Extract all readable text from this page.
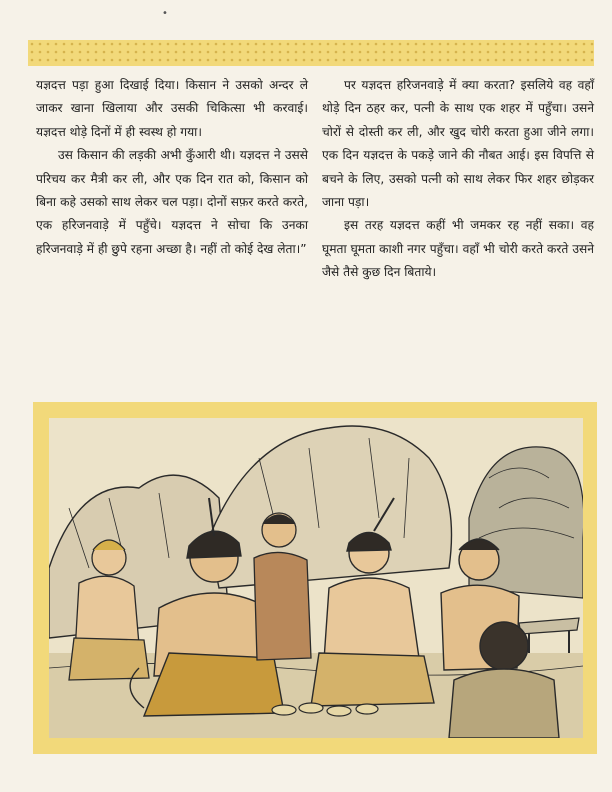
•

यज्ञदत्त पड़ा हुआ दिखाई दिया। किसान ने उसको अन्दर ले जाकर खाना खिलाया और उसकी चिकित्सा भी करवाई। यज्ञदत्त थोड़े दिनों में ही स्वस्थ हो गया।

उस किसान की लड़की अभी कुँआरी थी। यज्ञदत्त ने उससे परिचय कर मैत्री कर ली, और एक दिन रात को, किसान को बिना कहे उसको साथ लेकर चल पड़ा। दोनों सफ़र करते करते, एक हरिजनवाड़े में पहुँचे। यज्ञदत्त ने सोचा कि उनका हरिजनवाड़े में ही छुपे रहना अच्छा है। नहीं तो कोई देख लेता।”

पर यज्ञदत्त हरिजनवाड़े में क्या करता? इसलिये वह वहाँ थोड़े दिन ठहर कर, पत्नी के साथ एक शहर में पहुँचा। उसने चोरों से दोस्ती कर ली, और खुद चोरी करता हुआ जीने लगा। एक दिन यज्ञदत्त के पकड़े जाने की नौबत आई। इस विपत्ति से बचने के लिए, उसको पत्नी को साथ लेकर फिर शहर छोड़कर जाना पड़ा।

इस तरह यज्ञदत्त कहीं भी जमकर रह नहीं सका। वह घूमता घूमता काशी नगर पहुँचा। वहाँ भी चोरी करते करते उसने जैसे तैसे कुछ दिन बिताये।
